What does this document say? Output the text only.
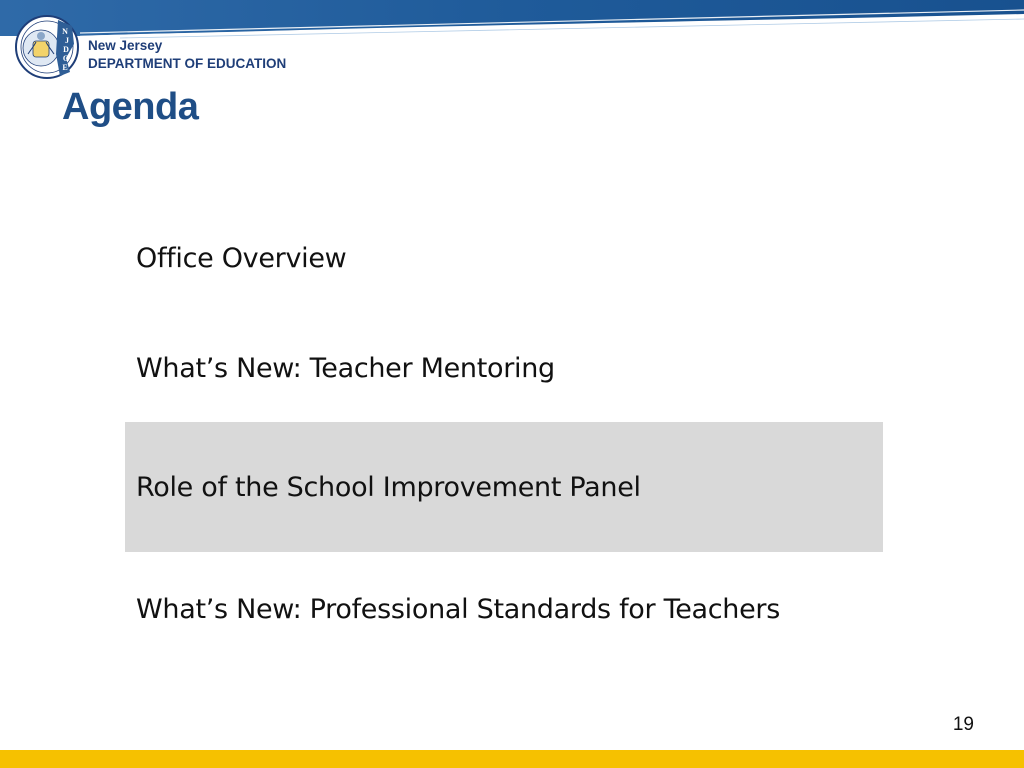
N
J
D
O
E
New Jersey
DEPARTMENT OF EDUCATION
Agenda
Office Overview
What’s New: Teacher Mentoring
Role of the School Improvement Panel
What’s New: Professional Standards for Teachers
19
